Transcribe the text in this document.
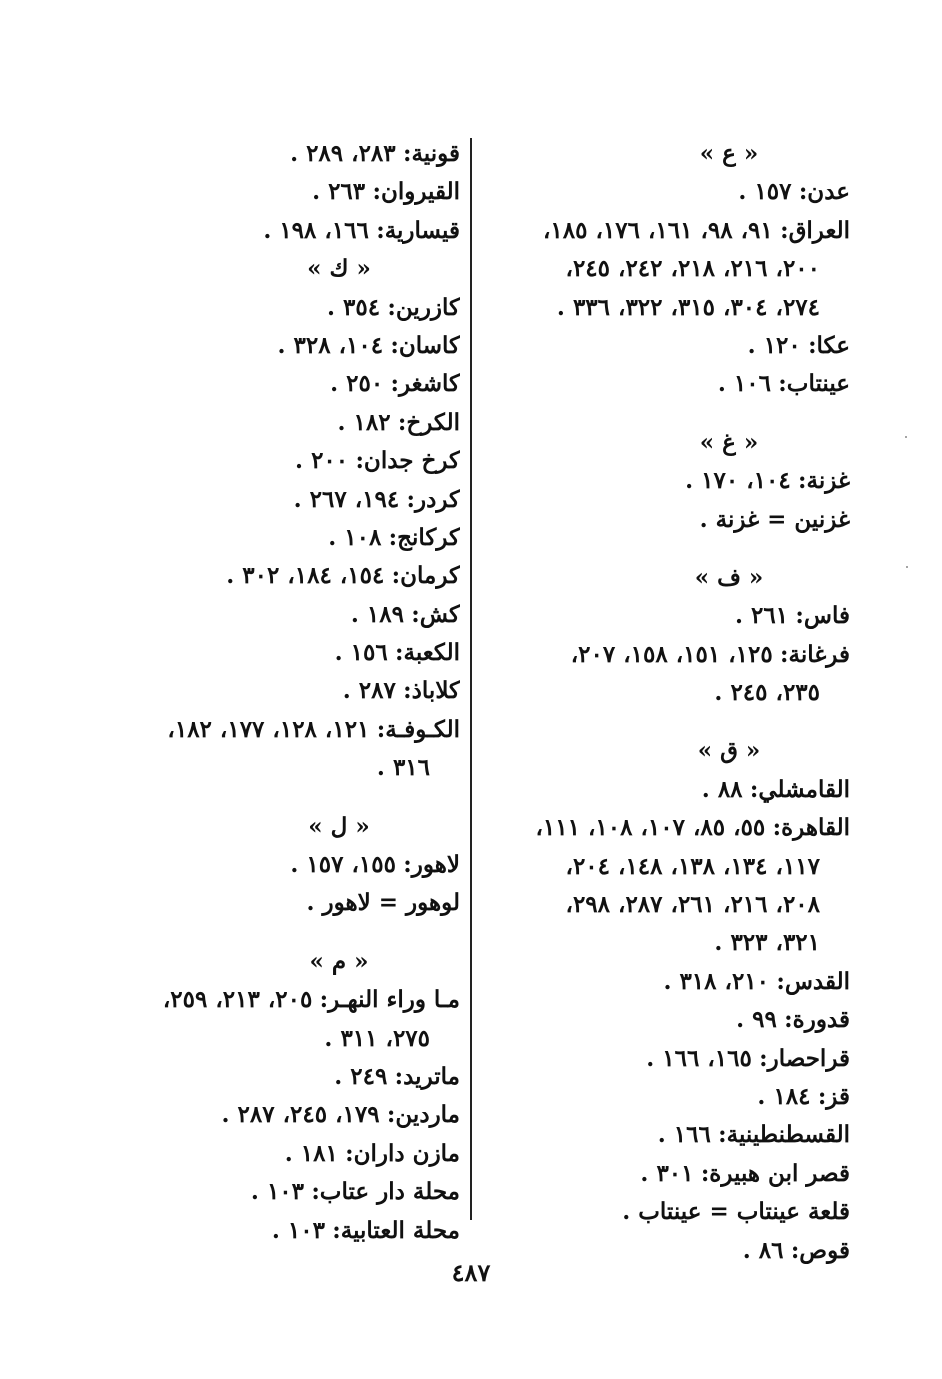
« ع »
عدن: ١٥٧ .
العراق: ٩١، ٩٨، ١٦١، ١٧٦، ١٨٥،
٢٠٠، ٢١٦، ٢١٨، ٢٤٢، ٢٤٥،
٢٧٤، ٣٠٤، ٣١٥، ٣٢٢، ٣٣٦ .
عكا: ١٢٠ .
عينتاب: ١٠٦ .
« غ »
غزنة: ١٠٤، ١٧٠ .
غزنين = غزنة .
« ف »
فاس: ٢٦١ .
فرغانة: ١٢٥، ١٥١، ١٥٨، ٢٠٧،
٢٣٥، ٢٤٥ .
« ق »
القامشلي: ٨٨ .
القاهرة: ٥٥، ٨٥، ١٠٧، ١٠٨، ١١١،
١١٧، ١٣٤، ١٣٨، ١٤٨، ٢٠٤،
٢٠٨، ٢١٦، ٢٦١، ٢٨٧، ٢٩٨،
٣٢١، ٣٢٣ .
القدس: ٢١٠، ٣١٨ .
قدورة: ٩٩ .
قراحصار: ١٦٥، ١٦٦ .
قز: ١٨٤ .
القسطنطينية: ١٦٦ .
قصر ابن هبيرة: ٣٠١ .
قلعة عينتاب = عينتاب .
قوص: ٨٦ .
قونية: ٢٨٣، ٢٨٩ .
القيروان: ٢٦٣ .
قيسارية: ١٦٦، ١٩٨ .
« ك »
كازرين: ٣٥٤ .
كاسان: ١٠٤، ٣٢٨ .
كاشغر: ٢٥٠ .
الكرخ: ١٨٢ .
كرخ جدان: ٢٠٠ .
كردر: ١٩٤، ٢٦٧ .
كركانج: ١٠٨ .
كرمان: ١٥٤، ١٨٤، ٣٠٢ .
كش: ١٨٩ .
الكعبة: ١٥٦ .
كلاباذ: ٢٨٧ .
الكـوفـة: ١٢١، ١٢٨، ١٧٧، ١٨٢،
٣١٦ .
« ل »
لاهور: ١٥٥، ١٥٧ .
لوهور = لاهور .
« م »
مـا وراء النهـر: ٢٠٥، ٢١٣، ٢٥٩،
٢٧٥، ٣١١ .
ماتريد: ٢٤٩ .
ماردين: ١٧٩، ٢٤٥، ٢٨٧ .
مازن داران: ١٨١ .
محلة دار عتاب: ١٠٣ .
محلة العتابية: ١٠٣ .
٤٨٧
